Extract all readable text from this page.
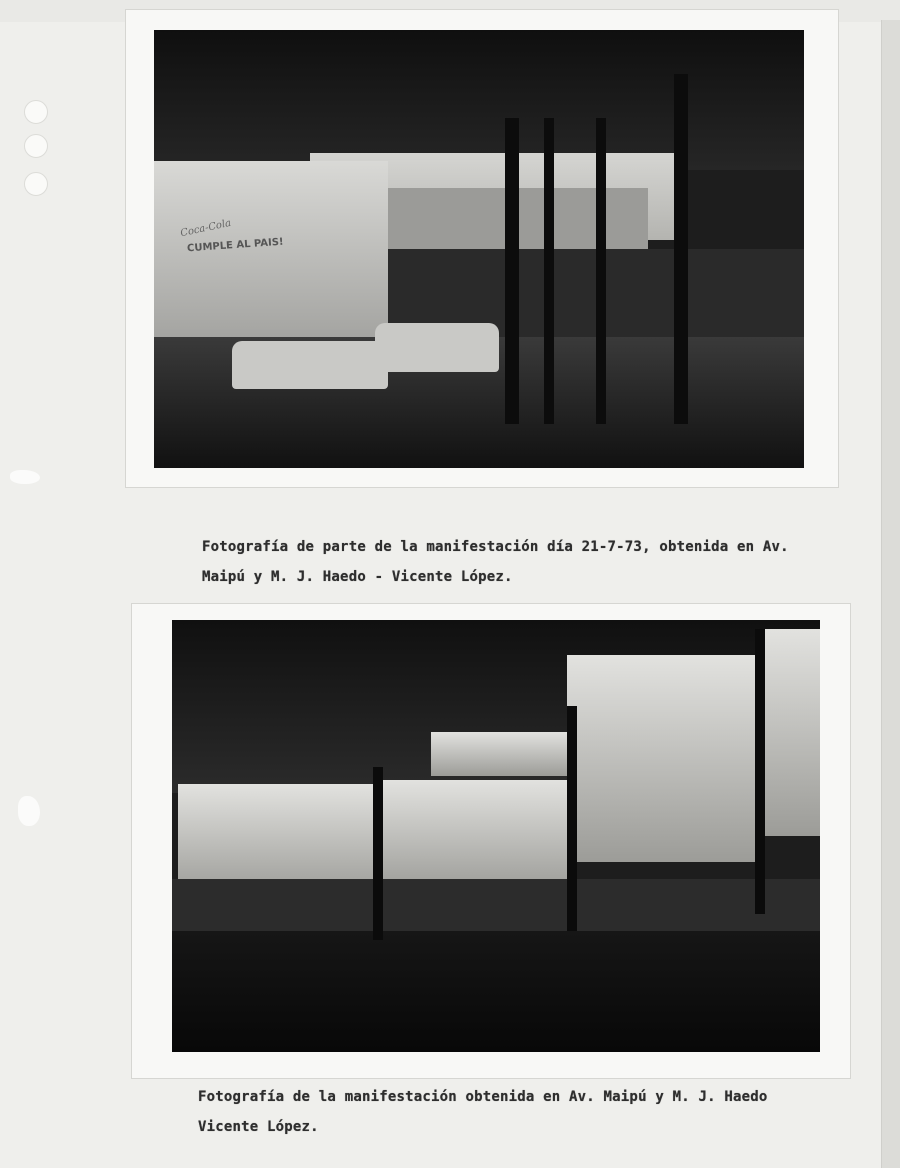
Coca-Cola
CUMPLE AL PAIS!
Fotografía de parte de la manifestación día 21-7-73, obtenida en Av.
Maipú y M. J. Haedo - Vicente López.
Fotografía de la manifestación obtenida en Av. Maipú y M. J. Haedo
Vicente López.
